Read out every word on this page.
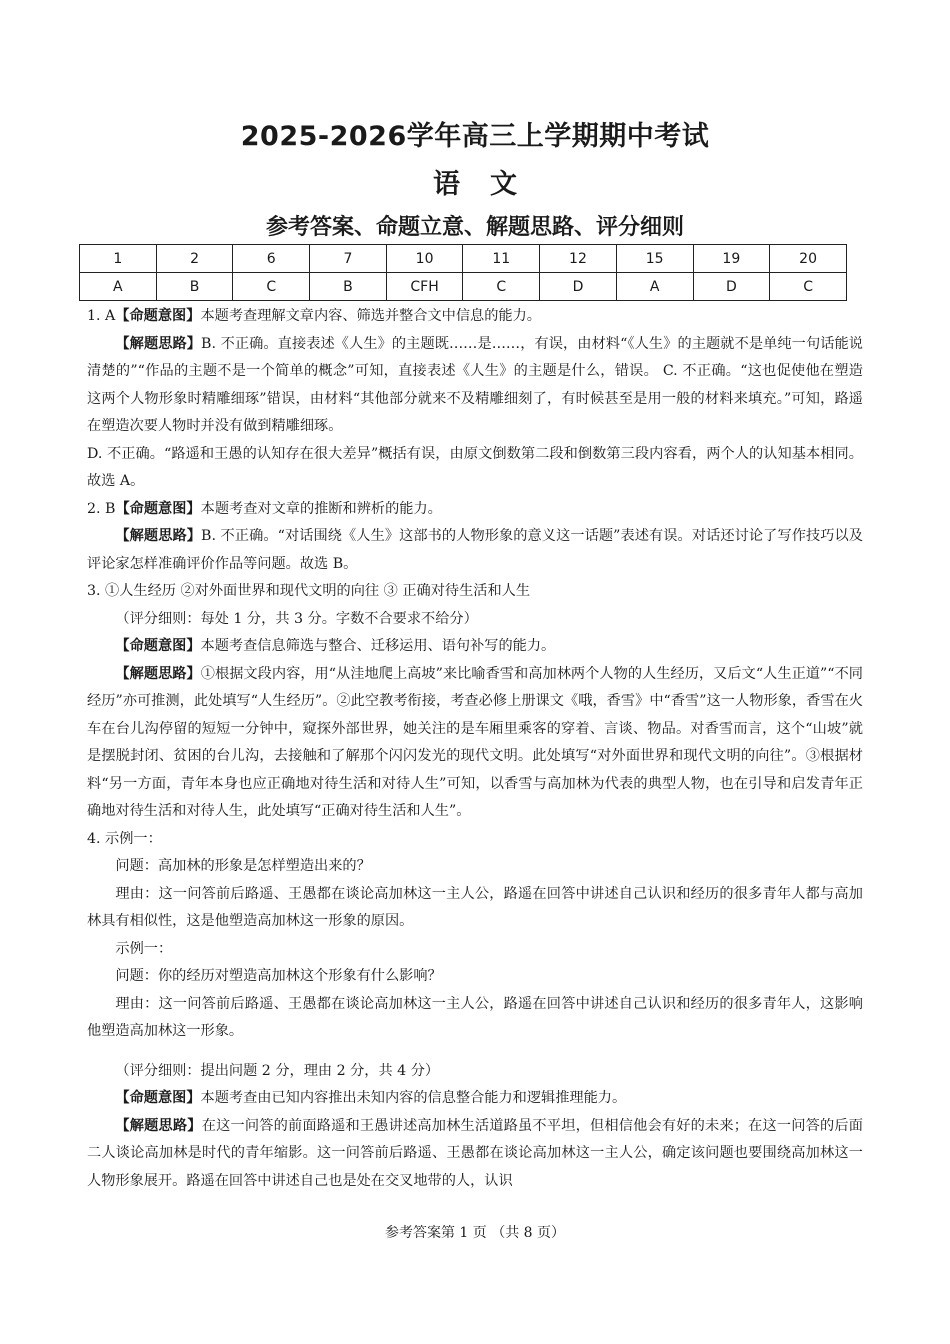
2025-2026学年高三上学期期中考试
语文
参考答案、命题立意、解题思路、评分细则
1	2	6	7	10	11	12	15	19	20
A	B	C	B	CFH	C	D	A	D	C

1. A【命题意图】本题考查理解文章内容、筛选并整合文中信息的能力。

【解题思路】B. 不正确。直接表述《人生》的主题既……是……，有误，由材料“《人生》的主题就不是单纯一句话能说清楚的”“作品的主题不是一个简单的概念”可知，直接表述《人生》的主题是什么，错误。 C. 不正确。“这也促使他在塑造这两个人物形象时精雕细琢”错误，由材料“其他部分就来不及精雕细刻了，有时候甚至是用一般的材料来填充。”可知，路遥在塑造次要人物时并没有做到精雕细琢。

D. 不正确。“路遥和王愚的认知存在很大差异”概括有误，由原文倒数第二段和倒数第三段内容看，两个人的认知基本相同。故选 A。

2. B【命题意图】本题考查对文章的推断和辨析的能力。

【解题思路】B. 不正确。“对话围绕《人生》这部书的人物形象的意义这一话题”表述有误。对话还讨论了写作技巧以及评论家怎样准确评价作品等问题。故选 B。

3. ①人生经历 ②对外面世界和现代文明的向往 ③ 正确对待生活和人生

（评分细则：每处 1 分，共 3 分。字数不合要求不给分）

【命题意图】本题考查信息筛选与整合、迁移运用、语句补写的能力。

【解题思路】①根据文段内容，用“从洼地爬上高坡”来比喻香雪和高加林两个人物的人生经历，又后文“人生正道”“不同经历”亦可推测，此处填写“人生经历”。②此空教考衔接，考查必修上册课文《哦，香雪》中“香雪”这一人物形象，香雪在火车在台儿沟停留的短短一分钟中，窥探外部世界，她关注的是车厢里乘客的穿着、言谈、物品。对香雪而言，这个“山坡”就是摆脱封闭、贫困的台儿沟，去接触和了解那个闪闪发光的现代文明。此处填写“对外面世界和现代文明的向往”。③根据材料“另一方面，青年本身也应正确地对待生活和对待人生”可知，以香雪与高加林为代表的典型人物，也在引导和启发青年正确地对待生活和对待人生，此处填写“正确对待生活和人生”。

4. 示例一：

问题：高加林的形象是怎样塑造出来的？

理由：这一问答前后路遥、王愚都在谈论高加林这一主人公，路遥在回答中讲述自己认识和经历的很多青年人都与高加林具有相似性，这是他塑造高加林这一形象的原因。

示例一：

问题：你的经历对塑造高加林这个形象有什么影响？

理由：这一问答前后路遥、王愚都在谈论高加林这一主人公，路遥在回答中讲述自己认识和经历的很多青年人，这影响他塑造高加林这一形象。

（评分细则：提出问题 2 分，理由 2 分，共 4 分）

【命题意图】本题考查由已知内容推出未知内容的信息整合能力和逻辑推理能力。

【解题思路】在这一问答的前面路遥和王愚讲述高加林生活道路虽不平坦，但相信他会有好的未来；在这一问答的后面二人谈论高加林是时代的青年缩影。这一问答前后路遥、王愚都在谈论高加林这一主人公，确定该问题也要围绕高加林这一人物形象展开。路遥在回答中讲述自己也是处在交叉地带的人，认识

参考答案第 1 页 （共 8 页）
